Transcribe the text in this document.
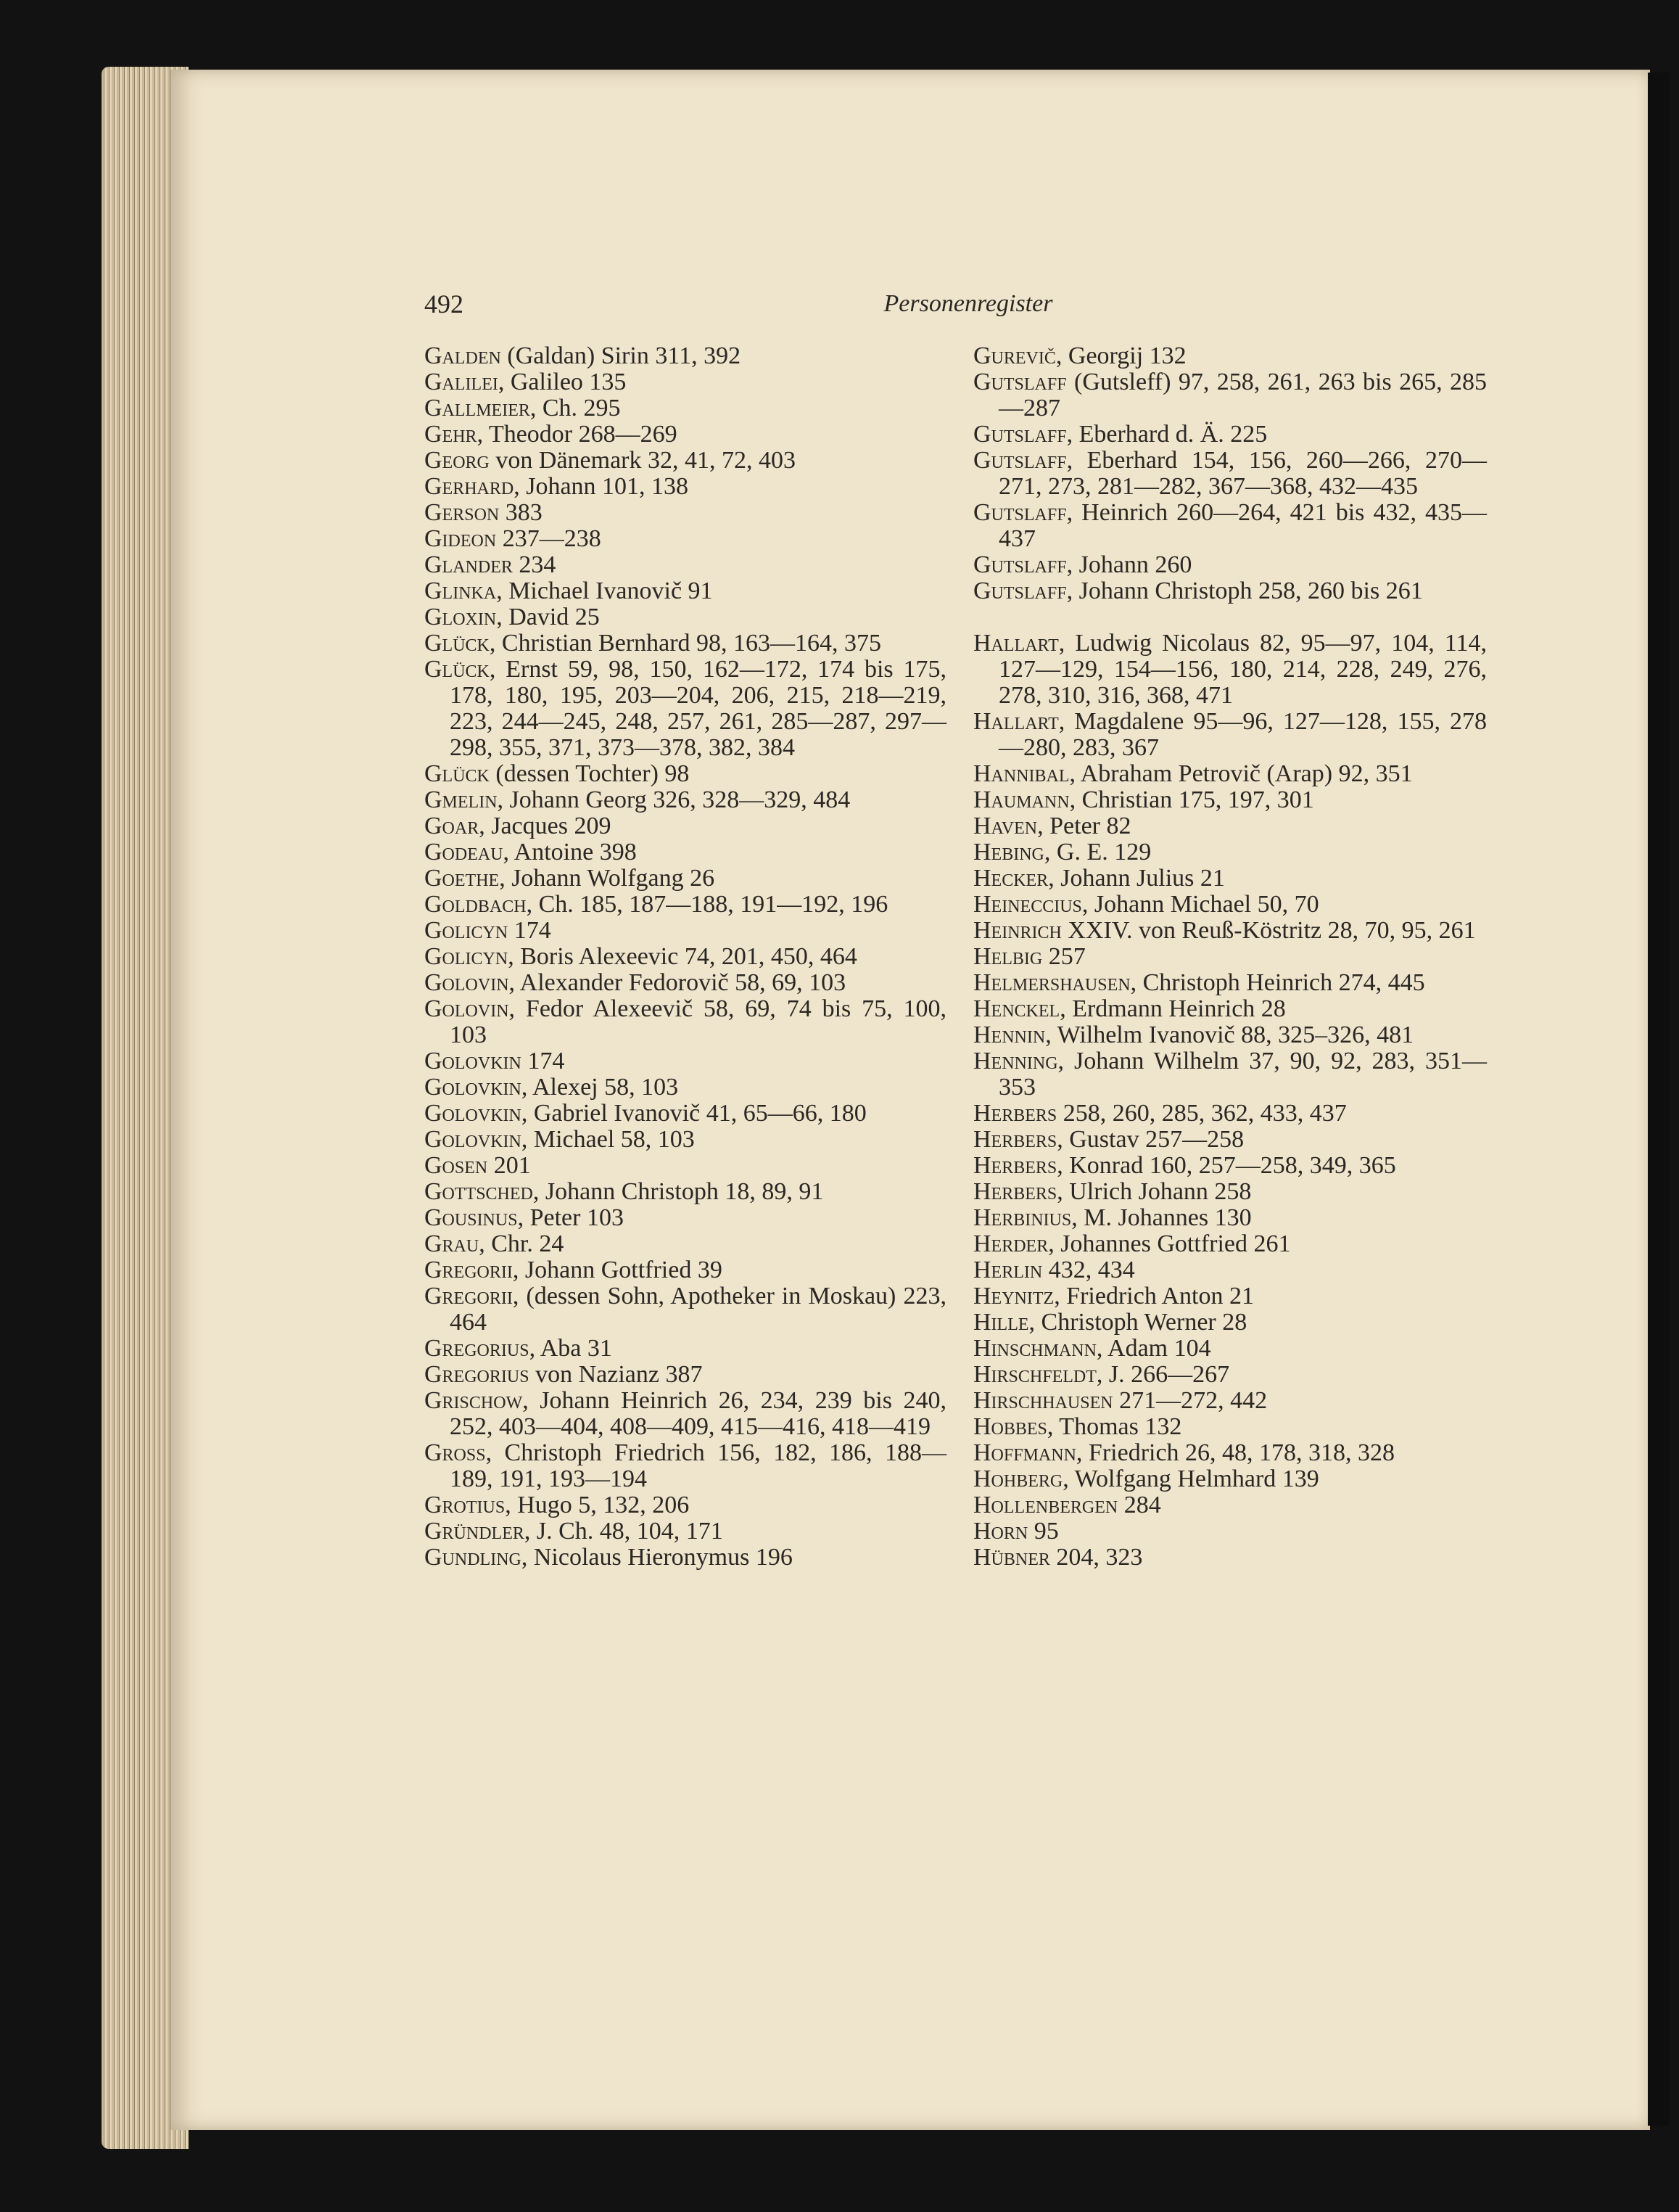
492	Personenregister
Galden (Galdan) Sirin 311, 392
Galilei, Galileo 135
Gallmeier, Ch. 295
Gehr, Theodor 268—269
Georg von Dänemark 32, 41, 72, 403
Gerhard, Johann 101, 138
Gerson 383
Gideon 237—238
Glander 234
Glinka, Michael Ivanovič 91
Gloxin, David 25
Glück, Christian Bernhard 98, 163—164, 375
Glück, Ernst 59, 98, 150, 162—172, 174 bis 175, 178, 180, 195, 203—204, 206, 215, 218—219, 223, 244—245, 248, 257, 261, 285—287, 297—298, 355, 371, 373—378, 382, 384
Glück (dessen Tochter) 98
Gmelin, Johann Georg 326, 328—329, 484
Goar, Jacques 209
Godeau, Antoine 398
Goethe, Johann Wolfgang 26
Goldbach, Ch. 185, 187—188, 191—192, 196
Golicyn 174
Golicyn, Boris Alexeevic 74, 201, 450, 464
Golovin, Alexander Fedorovič 58, 69, 103
Golovin, Fedor Alexeevič 58, 69, 74 bis 75, 100, 103
Golovkin 174
Golovkin, Alexej 58, 103
Golovkin, Gabriel Ivanovič 41, 65—66, 180
Golovkin, Michael 58, 103
Gosen 201
Gottsched, Johann Christoph 18, 89, 91
Gousinus, Peter 103
Grau, Chr. 24
Gregorii, Johann Gottfried 39
Gregorii, (dessen Sohn, Apotheker in Moskau) 223, 464
Gregorius, Aba 31
Gregorius von Nazianz 387
Grischow, Johann Heinrich 26, 234, 239 bis 240, 252, 403—404, 408—409, 415—416, 418—419
Gross, Christoph Friedrich 156, 182, 186, 188—189, 191, 193—194
Grotius, Hugo 5, 132, 206
Gründler, J. Ch. 48, 104, 171
Gundling, Nicolaus Hieronymus 196
Gurevič, Georgij 132
Gutslaff (Gutsleff) 97, 258, 261, 263 bis 265, 285—287
Gutslaff, Eberhard d. Ä. 225
Gutslaff, Eberhard 154, 156, 260—266, 270—271, 273, 281—282, 367—368, 432—435
Gutslaff, Heinrich 260—264, 421 bis 432, 435—437
Gutslaff, Johann 260
Gutslaff, Johann Christoph 258, 260 bis 261
Hallart, Ludwig Nicolaus 82, 95—97, 104, 114, 127—129, 154—156, 180, 214, 228, 249, 276, 278, 310, 316, 368, 471
Hallart, Magdalene 95—96, 127—128, 155, 278—280, 283, 367
Hannibal, Abraham Petrovič (Arap) 92, 351
Haumann, Christian 175, 197, 301
Haven, Peter 82
Hebing, G. E. 129
Hecker, Johann Julius 21
Heineccius, Johann Michael 50, 70
Heinrich XXIV. von Reuß-Köstritz 28, 70, 95, 261
Helbig 257
Helmershausen, Christoph Heinrich 274, 445
Henckel, Erdmann Heinrich 28
Hennin, Wilhelm Ivanovič 88, 325–326, 481
Henning, Johann Wilhelm 37, 90, 92, 283, 351—353
Herbers 258, 260, 285, 362, 433, 437
Herbers, Gustav 257—258
Herbers, Konrad 160, 257—258, 349, 365
Herbers, Ulrich Johann 258
Herbinius, M. Johannes 130
Herder, Johannes Gottfried 261
Herlin 432, 434
Heynitz, Friedrich Anton 21
Hille, Christoph Werner 28
Hinschmann, Adam 104
Hirschfeldt, J. 266—267
Hirschhausen 271—272, 442
Hobbes, Thomas 132
Hoffmann, Friedrich 26, 48, 178, 318, 328
Hohberg, Wolfgang Helmhard 139
Hollenbergen 284
Horn 95
Hübner 204, 323
